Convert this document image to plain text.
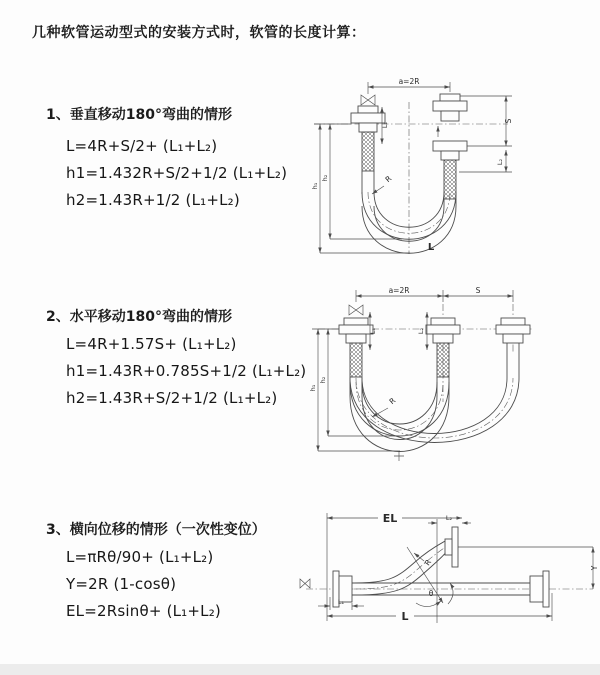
几种软管运动型式的安装方式时，软管的长度计算：
1、垂直移动180°弯曲的情形
L=4R+S/2+ (L₁+L₂)
h1=1.432R+S/2+1/2 (L₁+L₂)
h2=1.43R+1/2 (L₁+L₂)
a=2R
h₁
h₂
L₁
S
L₂
R
L
2、水平移动180°弯曲的情形
L=4R+1.57S+ (L₁+L₂)
h1=1.43R+0.785S+1/2 (L₁+L₂)
h2=1.43R+S/2+1/2 (L₁+L₂)
a=2R	S
h₁
h₂
L₁	L₂
R
3、横向位移的情形（一次性变位）
L=πRθ/90+ (L₁+L₂)
Y=2R (1-cosθ)
EL=2Rsinθ+ (L₁+L₂)
EL	L₂
Y
R
θ
L₁
L
